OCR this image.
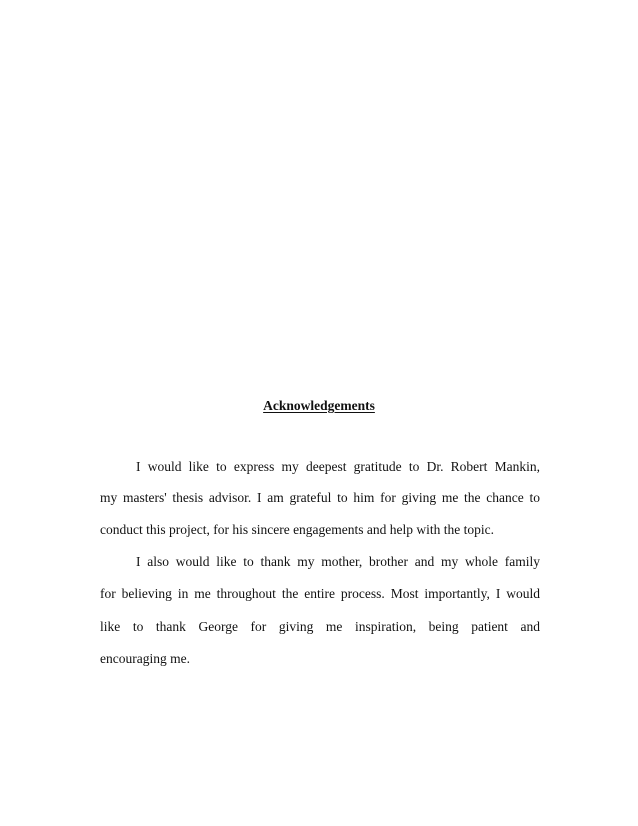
Acknowledgements
I would like to express my deepest gratitude to Dr. Robert Mankin,
my masters' thesis advisor. I am grateful to him for giving me the chance to
conduct this project, for his sincere engagements and help with the topic.
I also would like to thank my mother, brother and my whole family
for believing in me throughout the entire process. Most importantly, I would
like to thank George for giving me inspiration, being patient and
encouraging me.
